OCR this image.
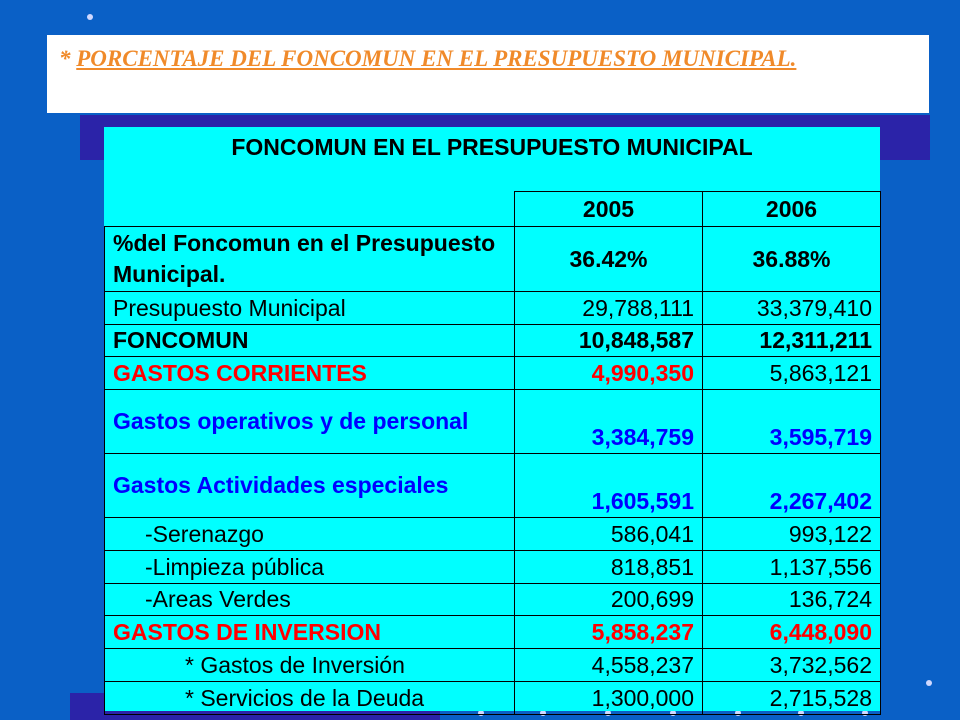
* PORCENTAJE DEL FONCOMUN EN EL PRESUPUESTO MUNICIPAL.
FONCOMUN EN EL PRESUPUESTO MUNICIPAL
	2005	2006
%del Foncomun en el Presupuesto Municipal.	36.42%	36.88%
Presupuesto Municipal	29,788,111	33,379,410
FONCOMUN	10,848,587	12,311,211
GASTOS CORRIENTES	4,990,350	5,863,121
Gastos operativos y de personal	3,384,759	3,595,719
Gastos Actividades especiales	1,605,591	2,267,402
-Serenazgo	586,041	993,122
-Limpieza pública	818,851	1,137,556
-Areas Verdes	200,699	136,724
GASTOS DE INVERSION	5,858,237	6,448,090
* Gastos de Inversión	4,558,237	3,732,562
* Servicios de la Deuda	1,300,000	2,715,528
